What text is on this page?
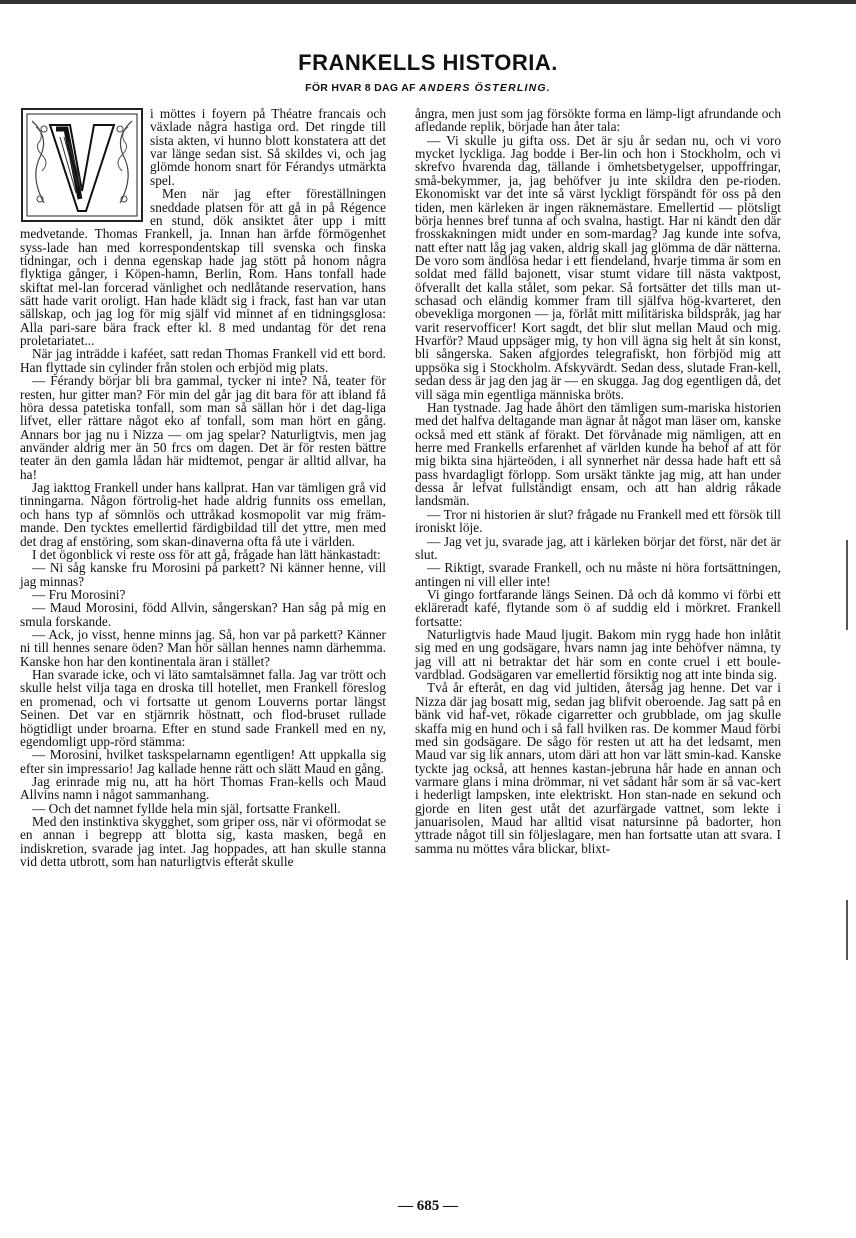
FRANKELLS HISTORIA.
FÖR HVAR 8 DAG AF ANDERS ÖSTERLING.

i möttes i foyern på Théatre francais och växlade några hastiga ord. Det ringde till sista akten, vi hunno blott konstatera att det var länge sedan sist. Så skildes vi, och jag glömde honom snart för Férandys utmärkta spel.

Men när jag efter föreställningen sneddade platsen för att gå in på Régence en stund, dök ansiktet åter upp i mitt medvetande. Thomas Frankell, ja. Innan han ärfde förmögenhet syss-lade han med korrespondentskap till svenska och finska tidningar, och i denna egenskap hade jag stött på honom några flyktiga gånger, i Köpen-hamn, Berlin, Rom. Hans tonfall hade skiftat mel-lan forcerad vänlighet och nedlåtande reservation, hans sätt hade varit oroligt. Han hade klädt sig i frack, fast han var utan sällskap, och jag log för mig själf vid minnet af en tidningsglosa: Alla pari-sare bära frack efter kl. 8 med undantag för det rena proletariatet...

När jag inträdde i kaféet, satt redan Thomas Frankell vid ett bord. Han flyttade sin cylinder från stolen och erbjöd mig plats.

— Férandy börjar bli bra gammal, tycker ni inte? Nå, teater för resten, hur gitter man? För min del går jag dit bara för att ibland få höra dessa patetiska tonfall, som man så sällan hör i det dag-liga lifvet, eller rättare något eko af tonfall, som man hört en gång. Annars bor jag nu i Nizza — om jag spelar? Naturligtvis, men jag använder aldrig mer än 50 frcs om dagen. Det är för resten bättre teater än den gamla lådan här midtemot, pengar är alltid allvar, ha ha!

Jag iakttog Frankell under hans kallprat. Han var tämligen grå vid tinningarna. Någon förtrolig-het hade aldrig funnits oss emellan, och hans typ af sömnlös och uttråkad kosmopolit var mig främ-mande. Den tycktes emellertid färdigbildad till det yttre, men med det drag af enstöring, som skan-dinaverna ofta få ute i världen.

I det ögonblick vi reste oss för att gå, frågade han lätt hänkastadt:

— Ni såg kanske fru Morosini på parkett? Ni känner henne, vill jag minnas?

— Fru Morosini?

— Maud Morosini, född Allvin, sångerskan? Han såg på mig en smula forskande.

— Ack, jo visst, henne minns jag. Så, hon var på parkett? Känner ni till hennes senare öden? Man hör sällan hennes namn därhemma. Kanske hon har den kontinentala äran i stället?

Han svarade icke, och vi läto samtalsämnet falla. Jag var trött och skulle helst vilja taga en droska till hotellet, men Frankell föreslog en promenad, och vi fortsatte ut genom Louverns portar längst Seinen. Det var en stjärnrik höstnatt, och flod-bruset rullade högtidligt under broarna. Efter en stund sade Frankell med en ny, egendomligt upp-rörd stämma:

— Morosini, hvilket taskspelarnamn egentligen! Att uppkalla sig efter sin impressario! Jag kallade henne rätt och slätt Maud en gång.

Jag erinrade mig nu, att ha hört Thomas Fran-kells och Maud Allvins namn i något sammanhang.

— Och det namnet fyllde hela min själ, fortsatte Frankell.

Med den instinktiva skygghet, som griper oss, när vi oförmodat se en annan i begrepp att blotta sig, kasta masken, begå en indiskretion, svarade jag intet. Jag hoppades, att han skulle stanna vid detta utbrott, som han naturligtvis efteråt skulle

ångra, men just som jag försökte forma en lämp-ligt afrundande och afledande replik, började han åter tala:

— Vi skulle ju gifta oss. Det är sju år sedan nu, och vi voro mycket lyckliga. Jag bodde i Ber-lin och hon i Stockholm, och vi skrefvo hvarenda dag, tällande i ömhetsbetygelser, uppoffringar, små-bekymmer, ja, jag behöfver ju inte skildra den pe-rioden. Ekonomiskt var det inte så värst lyckligt förspändt för oss på den tiden, men kärleken är ingen räknemästare. Emellertid — plötsligt börja hennes bref tunna af och svalna, hastigt. Har ni kändt den där frosskakningen midt under en som-mardag? Jag kunde inte sofva, natt efter natt låg jag vaken, aldrig skall jag glömma de där nätterna. De voro som ändlösa hedar i ett fiendeland, hvarje timma är som en soldat med fälld bajonett, visar stumt vidare till nästa vaktpost, öfverallt det kalla stålet, som pekar. Så fortsätter det tills man ut-schasad och eländig kommer fram till själfva hög-kvarteret, den obevekliga morgonen — ja, förlåt mitt militäriska bildspråk, jag har varit reservofficer! Kort sagdt, det blir slut mellan Maud och mig. Hvarför? Maud uppsäger mig, ty hon vill ägna sig helt åt sin konst, bli sångerska. Saken afgjordes telegrafiskt, hon förbjöd mig att uppsöka sig i Stockholm. Afskyvärdt. Sedan dess, slutade Fran-kell, sedan dess är jag den jag är — en skugga. Jag dog egentligen då, det vill säga min egentliga människa bröts.

Han tystnade. Jag hade åhört den tämligen sum-mariska historien med det halfva deltagande man ägnar åt något man läser om, kanske också med ett stänk af förakt. Det förvånade mig nämligen, att en herre med Frankells erfarenhet af världen kunde ha behof af att för mig bikta sina hjärteöden, i all synnerhet när dessa hade haft ett så pass hvardagligt förlopp. Som ursäkt tänkte jag mig, att han under dessa år lefvat fullständigt ensam, och att han aldrig råkade landsmän.

— Tror ni historien är slut? frågade nu Frankell med ett försök till ironiskt löje.

— Jag vet ju, svarade jag, att i kärleken börjar det först, när det är slut.

— Riktigt, svarade Frankell, och nu måste ni höra fortsättningen, antingen ni vill eller inte!

Vi gingo fortfarande längs Seinen. Då och då kommo vi förbi ett ekläreradt kafé, flytande som ö af suddig eld i mörkret. Frankell fortsatte:

Naturligtvis hade Maud ljugit. Bakom min rygg hade hon inlåtit sig med en ung godsägare, hvars namn jag inte behöfver nämna, ty jag vill att ni betraktar det här som en conte cruel i ett boule-vardblad. Godsägaren var emellertid försiktig nog att inte binda sig.

Två år efteråt, en dag vid jultiden, återsåg jag henne. Det var i Nizza där jag bosatt mig, sedan jag blifvit oberoende. Jag satt på en bänk vid haf-vet, rökade cigarretter och grubblade, om jag skulle skaffa mig en hund och i så fall hvilken ras. De kommer Maud förbi med sin godsägare. De sågo för resten ut att ha det ledsamt, men Maud var sig lik annars, utom däri att hon var lätt smin-kad. Kanske tyckte jag också, att hennes kastan-jebruna hår hade en annan och varmare glans i mina drömmar, ni vet sådant hår som är så vac-kert i hederligt lampsken, inte elektriskt. Hon stan-nade en sekund och gjorde en liten gest utåt det azurfärgade vattnet, som lekte i januarisolen, Maud har alltid visat natursinne på badorter, hon yttrade något till sin följeslagare, men han fortsatte utan att svara. I samma nu möttes våra blickar, blixt-

— 685 —
